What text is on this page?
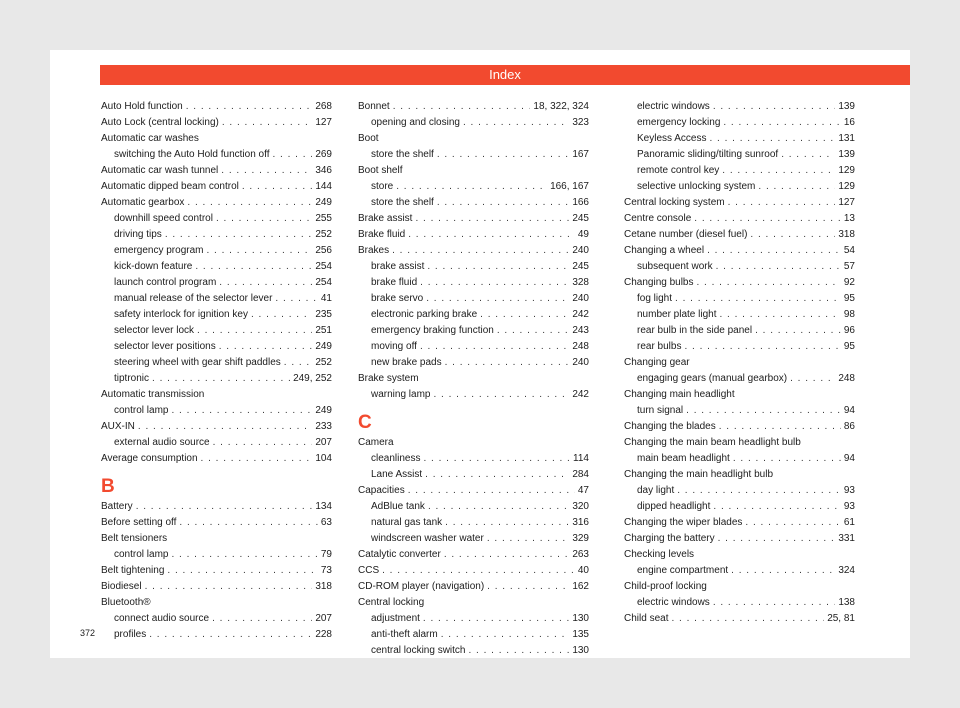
Index
Auto Hold function . . .	268
Auto Lock (central locking) . . .	127
Automatic car washes
switching the Auto Hold function off . . .	269
Automatic car wash tunnel . . .	346
Automatic dipped beam control . . .	144
Automatic gearbox . . .	249
downhill speed control . . .	255
driving tips . . .	252
emergency program . . .	256
kick-down feature . . .	254
launch control program . . .	254
manual release of the selector lever . . .	41
safety interlock for ignition key . . .	235
selector lever lock . . .	251
selector lever positions . . .	249
steering wheel with gear shift paddles . . .	252
tiptronic . . .	249, 252
Automatic transmission
control lamp . . .	249
AUX-IN . . .	233
external audio source . . .	207
Average consumption . . .	104
B
Battery . . .	134
Before setting off . . .	63
Belt tensioners
control lamp . . .	79
Belt tightening . . .	73
Biodiesel . . .	318
Bluetooth®
connect audio source . . .	207
profiles . . .	228
Bonnet . . .	18, 322, 324
opening and closing . . .	323
Boot
store the shelf . . .	167
Boot shelf
store . . .	166, 167
store the shelf . . .	166
Brake assist . . .	245
Brake fluid . . .	49
Brakes . . .	240
brake assist . . .	245
brake fluid . . .	328
brake servo . . .	240
electronic parking brake . . .	242
emergency braking function . . .	243
moving off . . .	248
new brake pads . . .	240
Brake system
warning lamp . . .	242
C
Camera
cleanliness . . .	114
Lane Assist . . .	284
Capacities . . .	47
AdBlue tank . . .	320
natural gas tank . . .	316
windscreen washer water . . .	329
Catalytic converter . . .	263
CCS . . .	40
CD-ROM player (navigation) . . .	162
Central locking
adjustment . . .	130
anti-theft alarm . . .	135
central locking switch . . .	130
electric windows . . .	139
emergency locking . . .	16
Keyless Access . . .	131
Panoramic sliding/tilting sunroof . . .	139
remote control key . . .	129
selective unlocking system . . .	129
Central locking system . . .	127
Centre console . . .	13
Cetane number (diesel fuel) . . .	318
Changing a wheel . . .	54
subsequent work . . .	57
Changing bulbs . . .	92
fog light . . .	95
number plate light . . .	98
rear bulb in the side panel . . .	96
rear bulbs . . .	95
Changing gear
engaging gears (manual gearbox) . . .	248
Changing main headlight
turn signal . . .	94
Changing the blades . . .	86
Changing the main beam headlight bulb
main beam headlight . . .	94
Changing the main headlight bulb
day light . . .	93
dipped headlight . . .	93
Changing the wiper blades . . .	61
Charging the battery . . .	331
Checking levels
engine compartment . . .	324
Child-proof locking
electric windows . . .	138
Child seat . . .	25, 81
372
